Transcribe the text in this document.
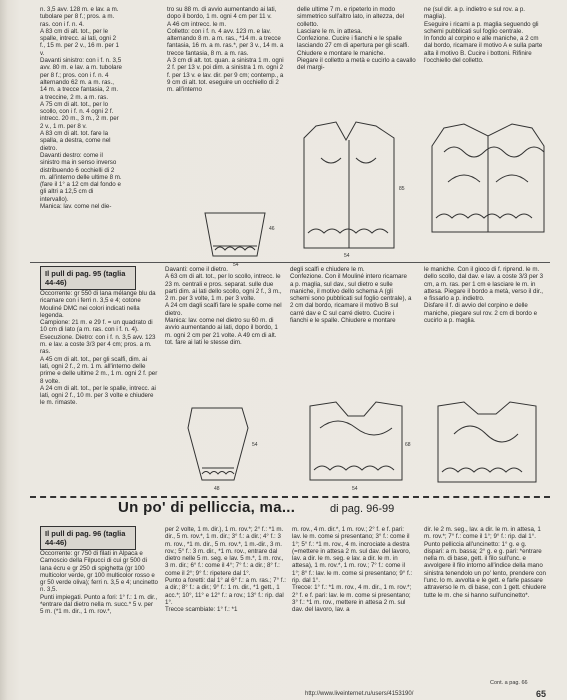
n. 3,5 avv. 128 m. e lav. a m. tubolare per 8 f.; pros. a m. ras. con i f. n. 4.
A 83 cm di alt. tot., per le spalle, intrecc. ai lati, ogni 2 f., 15 m. per 2 v., 16 m. per 1 v.
Davanti sinistro: con i f. n. 3,5 avv. 80 m. e lav. a m. tubolare per 8 f.; pros. con i f. n. 4 alternando 62 m. a m. ras., 14 m. a trecce fantasia, 2 m. a treccine, 2 m. a m. ras.
A 75 cm di alt. tot., per lo scollo, con i f. n. 4 ogni 2 f. intrecc. 20 m., 3 m., 2 m. per 2 v., 1 m. per 8 v.
A 83 cm di alt. tot. fare la spalla, a destra, come nel dietro.
Davanti destro: come il sinistro ma in senso inverso distribuendo 6 occhielli di 2 m. all'interno delle ultime 8 m. (fare il 1° a 12 cm dal fondo e gli altri a 12,5 cm di intervallo).
Manica: lav. come nel die-
tro su 88 m. di avvio aumentando ai lati, dopo il bordo, 1 m. ogni 4 cm per 11 v.
A 46 cm intrecc. le m.
Colletto: con i f. n. 4 avv. 123 m. e lav. alternando 8 m. a m. ras., *14 m. a trecce fantasia, 16 m. a m. ras.*, per 3 v., 14 m. a trecce fantasia, 8 m. a m. ras.
A 3 cm di alt. tot. quan. a sinistra 1 m. ogni 2 f. per 13 v. poi dim. a sinistra 1 m. ogni 2 f. per 13 v. e lav. dir. per 9 cm; contemp., a 9 cm di alt. tot. eseguire un occhiello di 2 m. all'interno
delle ultime 7 m. e ripeterlo in modo simmetrico sull'altro lato, in altezza, del colletto.
Lasciare le m. in attesa.
Confezione. Cucire i fianchi e le spalle lasciando 27 cm di apertura per gli scalfi. Chiudere e montare le maniche.
Piegare il colletto a metà e cucirlo a cavallo del margi-
ne (sul dir. a p. indietro e sul rov. a p. maglia).
Eseguire i ricami a p. maglia seguendo gli schemi pubblicati sul foglio centrale.
In fondo al corpino e alle maniche, a 2 cm dal bordo, ricamare il motivo A e sulla parte alta il motivo B. Cucire i bottoni. Rifinire l'occhiello del colletto.
46
54
85
54
Il pull di pag. 95 (taglia 44-46)
Occorrente: gr 550 di lana mélange blu da ricamare con i ferri n. 3,5 e 4; cotone Mouliné DMC nei colori indicati nella legenda.
Campione: 21 m. e 29 f. = un quadrato di 10 cm di lato (a m. ras. con i f. n. 4).
Esecuzione. Dietro: con i f. n. 3,5 avv. 123 m. e lav. a coste 3/3 per 4 cm; pros. a m. ras.
A 45 cm di alt. tot., per gli scalfi, dim. ai lati, ogni 2 f., 2 m. 1 m. all'interno delle prime e delle ultime 2 m., 1 m. ogni 2 f. per 8 volte.
A 24 cm di alt. tot., per le spalle, intrecc. ai lati, ogni 2 f., 10 m. per 3 volte e chiudere le m. rimaste.
Davanti: come il dietro.
A 63 cm di alt. tot., per lo scollo, intrecc. le 23 m. centrali e pros. separat. sulle due parti dim. ai lati dello scollo, ogni 2 f., 3 m., 2 m. per 3 volte, 1 m. per 3 volte.
A 24 cm dagli scalfi fare le spalle come nel dietro.
Manica: lav. come nel dietro su 60 m. di avvio aumentando ai lati, dopo il bordo, 1 m. ogni 2 cm per 21 volte. A 49 cm di alt. tot. fare ai lati le stesse dim.
degli scalfi e chiudere le m.
Confezione. Con il Mouliné intero ricamare a p. maglia, sul dav., sul dietro e sulle maniche, il motivo dello schema A (gli schemi sono pubblicati sul foglio centrale), a 2 cm dal bordo, ricamare il motivo B sul carré dav e C sul carré dietro. Cucire i fianchi e le spalle. Chiudere e montare
le maniche. Con il gioco di f. riprend. le m. dello scollo, dal dav. e lav. a coste 3/3 per 3 cm, a m. ras. per 1 cm e lasciare le m. in attesa. Piegare il bordo a metà, verso il dir., e fissarlo a p. indietro.
Disfare il f. di avvio del corpino e delle maniche, piegare sul rov. 2 cm di bordo e cucirlo a p. maglia.
54
48
68
54
Un po' di pelliccia, ma...	di pag. 96-99
Il pull di pag. 96 (taglia 44-46)
Occorrente: gr 750 di filati in Alpaca e Camoscio della Filpucci di cui gr 500 di lana écru e gr 250 di spighetta (gr 100 multicolor verde, gr 100 multicolor rosso e gr 50 verde oliva); ferri n. 3,5 e 4; uncinetto n. 3,5.
Punti impiegati. Punto a fori: 1° f.: 1 m. dir., *entrare dal dietro nella m. succ.* 5 v. per 5 m. (*1 m. dir., 1 m. rov.*,
per 2 volte, 1 m. dir.), 1 m. rov.*; 2° f.: *1 m. dir., 5 m. rov.*, 1 m. dir.; 3° f.: a dir.; 4° f.: 3 m. rov., *1 m. dir., 5 m. rov.*, 1 m.-dir., 3 m. rov.; 5° f.: 3 m. dir., *1 m. rov., entrare dal dietro nelle 5 m. seg. e lav. 5 m.*, 1 m. rov., 3 m. dir.; 6° f.: come il 4°; 7° f.: a dir.; 8° f.: come il 2°; 9° f.: ripetere dal 1°.
Punto a foretti: dal 1° al 6° f.: a m. ras.; 7° f.: a dir.; 8° f.: a dir.; 9° f.: 1 m. dir., *1 gett., 1 acc.*; 10°, 11° e 12° f.: a rov.; 13° f.: rip. dal 1°.
Trecce scambiate: 1° f.: *1
m. rov., 4 m. dir.*, 1 m. rov.; 2° f. e f. pari: lav. le m. come si presentano; 3° f.: come il 1°; 5° f.: *1 m. rov., 4 m. incrociate a destra (=mettere in attesa 2 m. sul dav. del lavoro, lav. a dir. le m. seg. e lav. a dir. le m. in attesa), 1 m. rov.*, 1 m. rov.; 7° f.: come il 1°; 8° f.: lav. le m. come si presentano; 9° f.: rip. dal 1°.
Trecce: 1° f.: *1 m. rov., 4 m. dir., 1 m. rov.*; 2° f. e f. pari: lav. le m. come si presentano; 3° f.: *1 m. rov., mettere in attesa 2 m. sul dav. del lavoro, lav. a
dir. le 2 m. seg., lav. a dir. le m. in attesa, 1 m. rov.*; 7° f.: come il 1°; 9° f.: rip. dal 1°.
Punto pelliccia all'uncinetto: 1° g. e g. dispari: a m. bassa; 2° g. e g. pari: *entrare nella m. di base, gett. il filo sull'unc. e avvolgere il filo intorno all'indice della mano sinistra tenendolo un po' lento, prendere con l'unc. lo m. avvolta e le gett. e farle passare attraverso le m. di base, con 1 gett. chiudere tutte le m. che si hanno sull'uncinetto*.
Cont. a pag. 66
http://www.liveinternet.ru/users/4153190/	65
